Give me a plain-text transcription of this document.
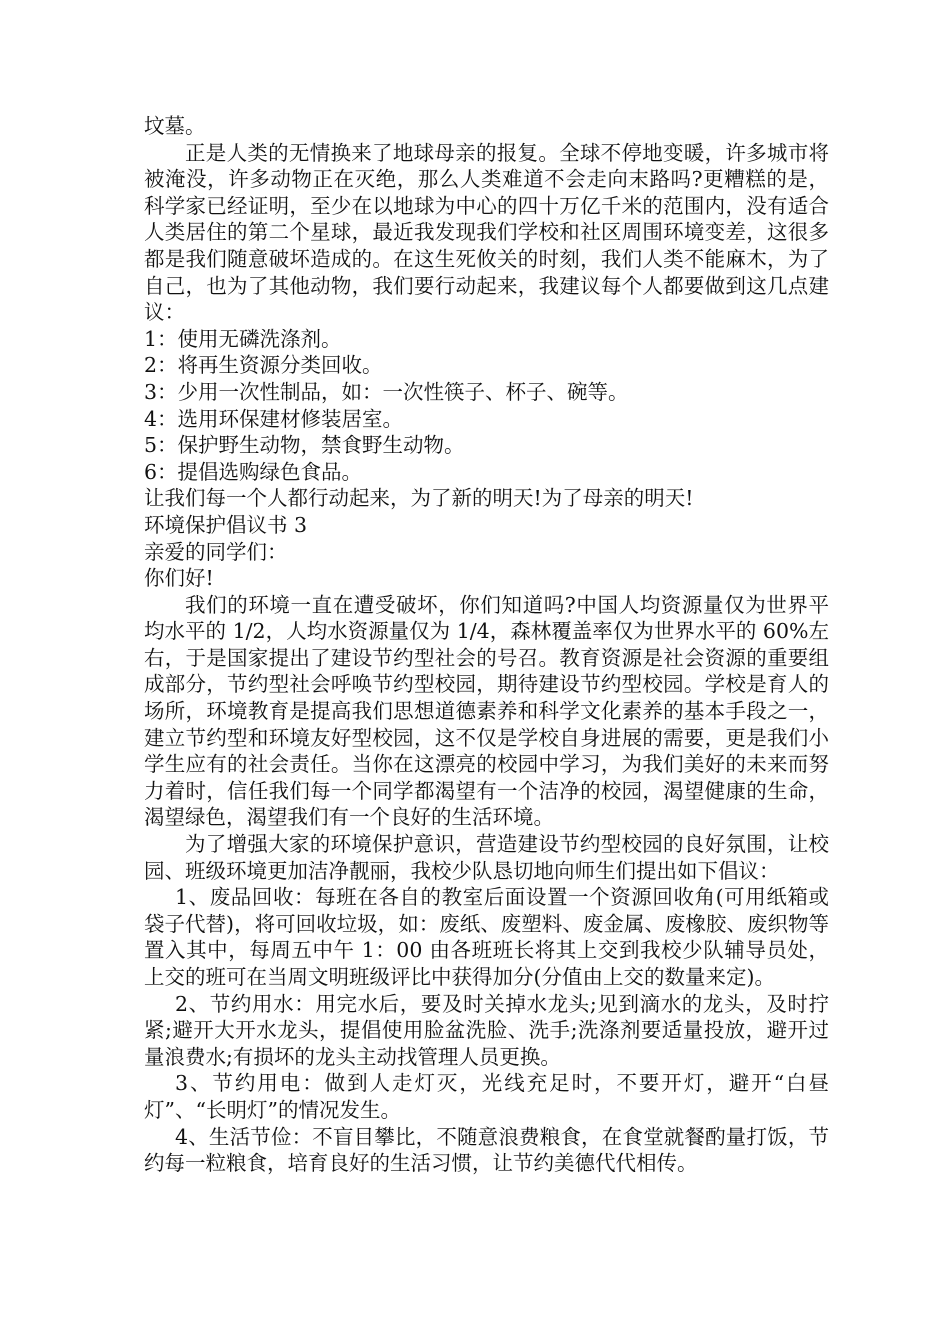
坟墓。

正是人类的无情换来了地球母亲的报复。全球不停地变暖，许多城市将被淹没，许多动物正在灭绝，那么人类难道不会走向末路吗?更糟糕的是，科学家已经证明，至少在以地球为中心的四十万亿千米的范围内，没有适合人类居住的第二个星球，最近我发现我们学校和社区周围环境变差，这很多都是我们随意破坏造成的。在这生死攸关的时刻，我们人类不能麻木，为了自己，也为了其他动物，我们要行动起来，我建议每个人都要做到这几点建议：

1：使用无磷洗涤剂。

2：将再生资源分类回收。

3：少用一次性制品，如：一次性筷子、杯子、碗等。

4：选用环保建材修装居室。

5：保护野生动物，禁食野生动物。

6：提倡选购绿色食品。

让我们每一个人都行动起来，为了新的明天!为了母亲的明天!

环境保护倡议书 3

亲爱的同学们：

你们好!

我们的环境一直在遭受破坏，你们知道吗?中国人均资源量仅为世界平均水平的 1/2，人均水资源量仅为 1/4，森林覆盖率仅为世界水平的 60%左右，于是国家提出了建设节约型社会的号召。教育资源是社会资源的重要组成部分，节约型社会呼唤节约型校园，期待建设节约型校园。学校是育人的场所，环境教育是提高我们思想道德素养和科学文化素养的基本手段之一，建立节约型和环境友好型校园，这不仅是学校自身进展的需要，更是我们小学生应有的社会责任。当你在这漂亮的校园中学习，为我们美好的未来而努力着时，信任我们每一个同学都渴望有一个洁净的校园，渴望健康的生命，渴望绿色，渴望我们有一个良好的生活环境。

为了增强大家的环境保护意识，营造建设节约型校园的良好氛围，让校园、班级环境更加洁净靓丽，我校少队恳切地向师生们提出如下倡议：

1、废品回收：每班在各自的教室后面设置一个资源回收角(可用纸箱或袋子代替)，将可回收垃圾，如：废纸、废塑料、废金属、废橡胶、废织物等置入其中，每周五中午 1：00 由各班班长将其上交到我校少队辅导员处，上交的班可在当周文明班级评比中获得加分(分值由上交的数量来定)。

2、节约用水：用完水后，要及时关掉水龙头;见到滴水的龙头，及时拧紧;避开大开水龙头，提倡使用脸盆洗脸、洗手;洗涤剂要适量投放，避开过量浪费水;有损坏的龙头主动找管理人员更换。

3、节约用电：做到人走灯灭，光线充足时，不要开灯，避开“白昼灯”、“长明灯”的情况发生。

4、生活节俭：不盲目攀比，不随意浪费粮食，在食堂就餐酌量打饭，节约每一粒粮食，培育良好的生活习惯，让节约美德代代相传。
